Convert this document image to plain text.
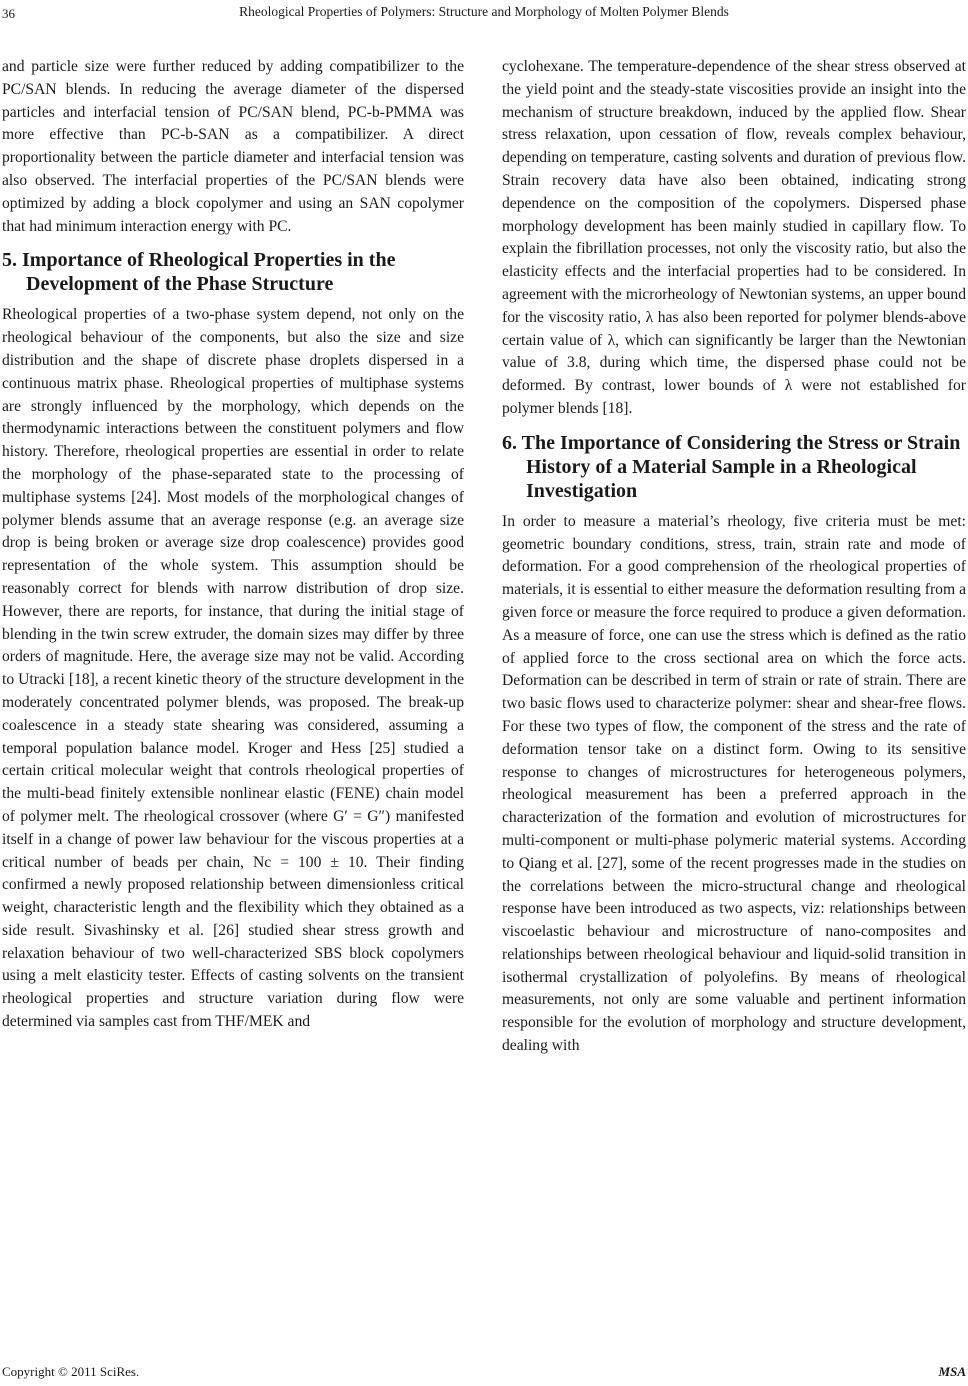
36	Rheological Properties of Polymers: Structure and Morphology of Molten Polymer Blends

and particle size were further reduced by adding compatibilizer to the PC/SAN blends. In reducing the average diameter of the dispersed particles and interfacial tension of PC/SAN blend, PC-b-PMMA was more effective than PC-b-SAN as a compatibilizer. A direct proportionality between the particle diameter and interfacial tension was also observed. The interfacial properties of the PC/SAN blends were optimized by adding a block copolymer and using an SAN copolymer that had minimum interaction energy with PC.

5. Importance of Rheological Properties in the Development of the Phase Structure

Rheological properties of a two-phase system depend, not only on the rheological behaviour of the components, but also the size and size distribution and the shape of discrete phase droplets dispersed in a continuous matrix phase. Rheological properties of multiphase systems are strongly influenced by the morphology, which depends on the thermodynamic interactions between the constituent polymers and flow history. Therefore, rheological properties are essential in order to relate the morphology of the phase-separated state to the processing of multiphase systems [24]. Most models of the morphological changes of polymer blends assume that an average response (e.g. an average size drop is being broken or average size drop coalescence) provides good representation of the whole system. This assumption should be reasonably correct for blends with narrow distribution of drop size. However, there are reports, for instance, that during the initial stage of blending in the twin screw extruder, the domain sizes may differ by three orders of magnitude. Here, the average size may not be valid. According to Utracki [18], a recent kinetic theory of the structure development in the moderately concentrated polymer blends, was proposed. The break-up coalescence in a steady state shearing was considered, assuming a temporal population balance model. Kroger and Hess [25] studied a certain critical molecular weight that controls rheological properties of the multi-bead finitely extensible nonlinear elastic (FENE) chain model of polymer melt. The rheological crossover (where G′ = G″) manifested itself in a change of power law behaviour for the viscous properties at a critical number of beads per chain, Nc = 100 ± 10. Their finding confirmed a newly proposed relationship between dimensionless critical weight, characteristic length and the flexibility which they obtained as a side result. Sivashinsky et al. [26] studied shear stress growth and relaxation behaviour of two well-characterized SBS block copolymers using a melt elasticity tester. Effects of casting solvents on the transient rheological properties and structure variation during flow were determined via samples cast from THF/MEK and

cyclohexane. The temperature-dependence of the shear stress observed at the yield point and the steady-state viscosities provide an insight into the mechanism of structure breakdown, induced by the applied flow. Shear stress relaxation, upon cessation of flow, reveals complex behaviour, depending on temperature, casting solvents and duration of previous flow. Strain recovery data have also been obtained, indicating strong dependence on the composition of the copolymers. Dispersed phase morphology development has been mainly studied in capillary flow. To explain the fibrillation processes, not only the viscosity ratio, but also the elasticity effects and the interfacial properties had to be considered. In agreement with the microrheology of Newtonian systems, an upper bound for the viscosity ratio, λ has also been reported for polymer blends-above certain value of λ, which can significantly be larger than the Newtonian value of 3.8, during which time, the dispersed phase could not be deformed. By contrast, lower bounds of λ were not established for polymer blends [18].

6. The Importance of Considering the Stress or Strain History of a Material Sample in a Rheological Investigation

In order to measure a material’s rheology, five criteria must be met: geometric boundary conditions, stress, train, strain rate and mode of deformation. For a good comprehension of the rheological properties of materials, it is essential to either measure the deformation resulting from a given force or measure the force required to produce a given deformation. As a measure of force, one can use the stress which is defined as the ratio of applied force to the cross sectional area on which the force acts. Deformation can be described in term of strain or rate of strain. There are two basic flows used to characterize polymer: shear and shear-free flows. For these two types of flow, the component of the stress and the rate of deformation tensor take on a distinct form. Owing to its sensitive response to changes of microstructures for heterogeneous polymers, rheological measurement has been a preferred approach in the characterization of the formation and evolution of microstructures for multi-component or multi-phase polymeric material systems. According to Qiang et al. [27], some of the recent progresses made in the studies on the correlations between the micro-structural change and rheological response have been introduced as two aspects, viz: relationships between viscoelastic behaviour and microstructure of nano-composites and relationships between rheological behaviour and liquid-solid transition in isothermal crystallization of polyolefins. By means of rheological measurements, not only are some valuable and pertinent information responsible for the evolution of morphology and structure development, dealing with

Copyright © 2011 SciRes.	MSA
